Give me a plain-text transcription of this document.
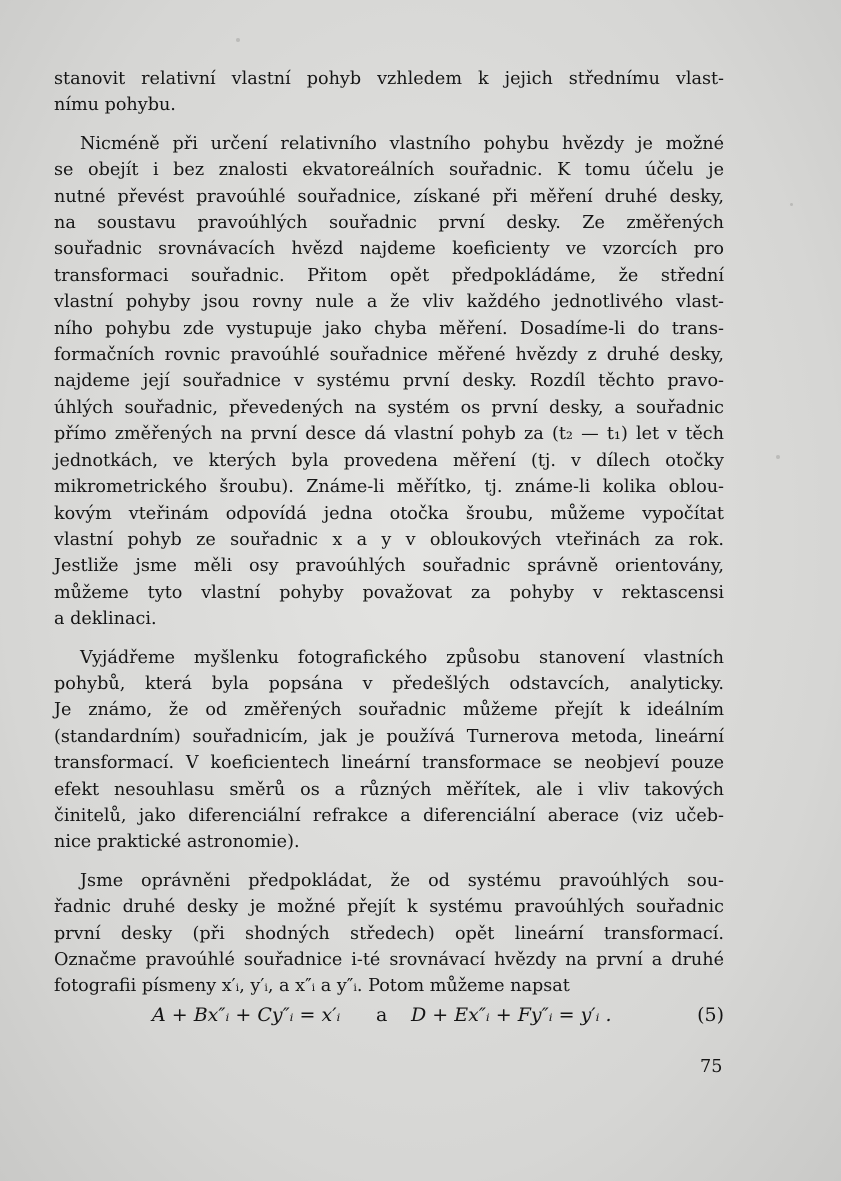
stanovit relativní vlastní pohyb vzhledem k jejich střednímu vlast-
nímu pohybu.
Nicméně při určení relativního vlastního pohybu hvězdy je možné
se obejít i bez znalosti ekvatoreálních souřadnic. K tomu účelu je
nutné převést pravoúhlé souřadnice, získané při měření druhé desky,
na soustavu pravoúhlých souřadnic první desky. Ze změřených
souřadnic srovnávacích hvězd najdeme koeficienty ve vzorcích pro
transformaci souřadnic. Přitom opět předpokládáme, že střední
vlastní pohyby jsou rovny nule a že vliv každého jednotlivého vlast-
ního pohybu zde vystupuje jako chyba měření. Dosadíme-li do trans-
formačních rovnic pravoúhlé souřadnice měřené hvězdy z druhé desky,
najdeme její souřadnice v systému první desky. Rozdíl těchto pravo-
úhlých souřadnic, převedených na systém os první desky, a souřadnic
přímo změřených na první desce dá vlastní pohyb za (t₂ — t₁) let v těch
jednotkách, ve kterých byla provedena měření (tj. v dílech otočky
mikrometrického šroubu). Známe-li měřítko, tj. známe-li kolika oblou-
kovým vteřinám odpovídá jedna otočka šroubu, můžeme vypočítat
vlastní pohyb ze souřadnic x a y v obloukových vteřinách za rok.
Jestliže jsme měli osy pravoúhlých souřadnic správně orientovány,
můžeme tyto vlastní pohyby považovat za pohyby v rektascensi
a deklinaci.
Vyjádřeme myšlenku fotografického způsobu stanovení vlastních
pohybů, která byla popsána v předešlých odstavcích, analyticky.
Je známo, že od změřených souřadnic můžeme přejít k ideálním
(standardním) souřadnicím, jak je používá Turnerova metoda, lineární
transformací. V koeficientech lineární transformace se neobjeví pouze
efekt nesouhlasu směrů os a různých měřítek, ale i vliv takových
činitelů, jako diferenciální refrakce a diferenciální aberace (viz učeb-
nice praktické astronomie).
Jsme oprávněni předpokládat, že od systému pravoúhlých sou-
řadnic druhé desky je možné přejít k systému pravoúhlých souřadnic
první desky (při shodných středech) opět lineární transformací.
Označme pravoúhlé souřadnice i-té srovnávací hvězdy na první a druhé
fotografii písmeny x′ᵢ, y′ᵢ, a x″ᵢ a y″ᵢ. Potom můžeme napsat
A + Bx″ᵢ + Cy″ᵢ = x′ᵢ a D + Ex″ᵢ + Fy″ᵢ = y′ᵢ .	(5)
75
